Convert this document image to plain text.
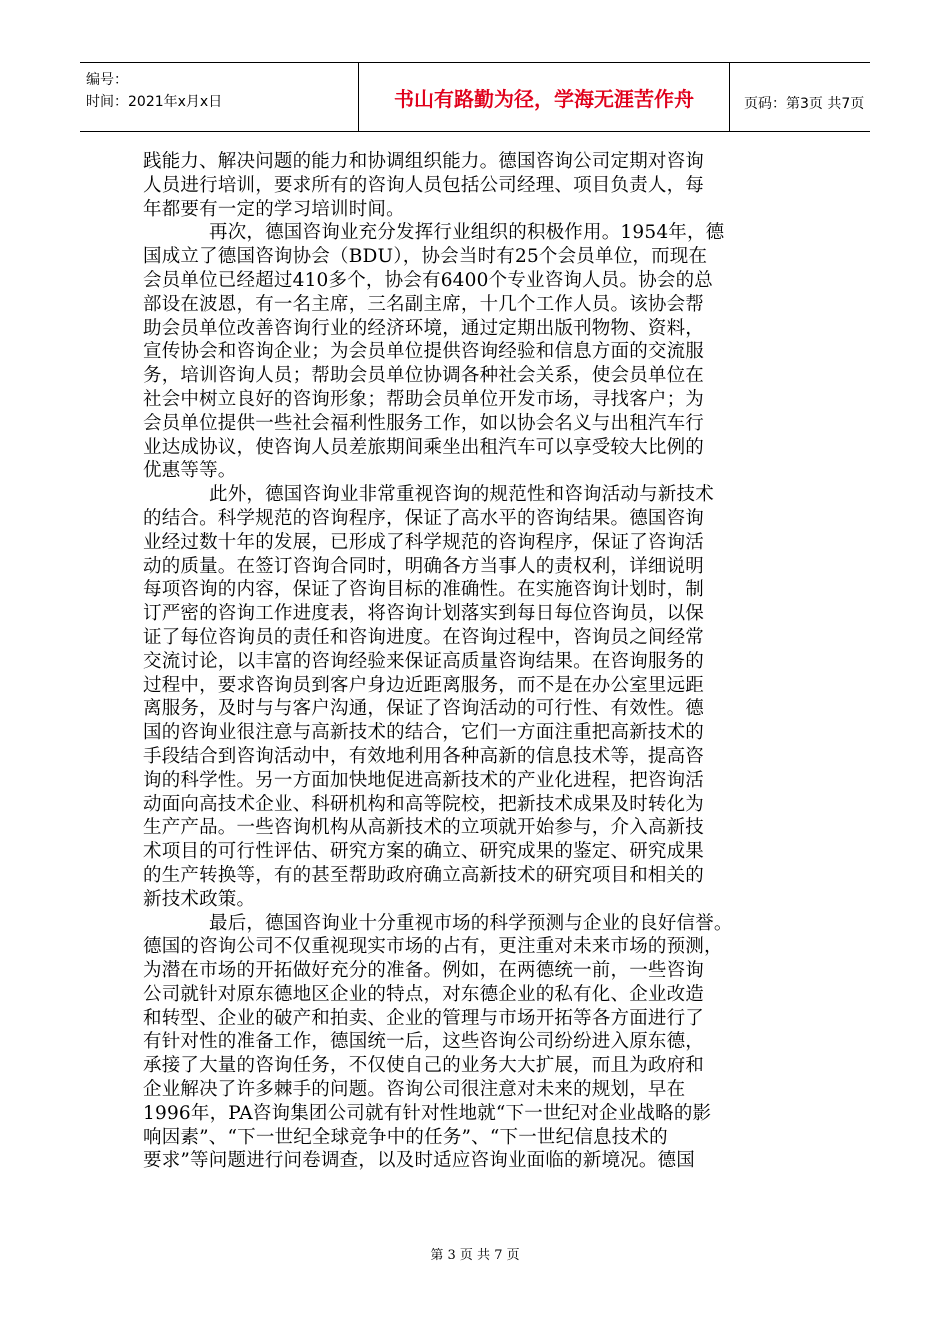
编号：
时间：2021年x月x日	书山有路勤为径，学海无涯苦作舟	页码：第3页 共7页
践能力、解决问题的能力和协调组织能力。德国咨询公司定期对咨询
人员进行培训，要求所有的咨询人员包括公司经理、项目负责人，每
年都要有一定的学习培训时间。
再次，德国咨询业充分发挥行业组织的积极作用。1954年，德
国成立了德国咨询协会（BDU），协会当时有25个会员单位，而现在
会员单位已经超过410多个，协会有6400个专业咨询人员。协会的总
部设在波恩，有一名主席，三名副主席，十几个工作人员。该协会帮
助会员单位改善咨询行业的经济环境，通过定期出版刊物物、资料，
宣传协会和咨询企业；为会员单位提供咨询经验和信息方面的交流服
务，培训咨询人员；帮助会员单位协调各种社会关系，使会员单位在
社会中树立良好的咨询形象；帮助会员单位开发市场，寻找客户；为
会员单位提供一些社会福利性服务工作，如以协会名义与出租汽车行
业达成协议，使咨询人员差旅期间乘坐出租汽车可以享受较大比例的
优惠等等。
此外，德国咨询业非常重视咨询的规范性和咨询活动与新技术
的结合。科学规范的咨询程序，保证了高水平的咨询结果。德国咨询
业经过数十年的发展，已形成了科学规范的咨询程序，保证了咨询活
动的质量。在签订咨询合同时，明确各方当事人的责权利，详细说明
每项咨询的内容，保证了咨询目标的准确性。在实施咨询计划时，制
订严密的咨询工作进度表，将咨询计划落实到每日每位咨询员，以保
证了每位咨询员的责任和咨询进度。在咨询过程中，咨询员之间经常
交流讨论，以丰富的咨询经验来保证高质量咨询结果。在咨询服务的
过程中，要求咨询员到客户身边近距离服务，而不是在办公室里远距
离服务，及时与与客户沟通，保证了咨询活动的可行性、有效性。德
国的咨询业很注意与高新技术的结合，它们一方面注重把高新技术的
手段结合到咨询活动中，有效地利用各种高新的信息技术等，提高咨
询的科学性。另一方面加快地促进高新技术的产业化进程，把咨询活
动面向高技术企业、科研机构和高等院校，把新技术成果及时转化为
生产产品。一些咨询机构从高新技术的立项就开始参与，介入高新技
术项目的可行性评估、研究方案的确立、研究成果的鉴定、研究成果
的生产转换等，有的甚至帮助政府确立高新技术的研究项目和相关的
新技术政策。
最后，德国咨询业十分重视市场的科学预测与企业的良好信誉。
德国的咨询公司不仅重视现实市场的占有，更注重对未来市场的预测，
为潜在市场的开拓做好充分的准备。例如，在两德统一前，一些咨询
公司就针对原东德地区企业的特点，对东德企业的私有化、企业改造
和转型、企业的破产和拍卖、企业的管理与市场开拓等各方面进行了
有针对性的准备工作，德国统一后，这些咨询公司纷纷进入原东德，
承接了大量的咨询任务，不仅使自己的业务大大扩展，而且为政府和
企业解决了许多棘手的问题。咨询公司很注意对未来的规划，早在
1996年，PA咨询集团公司就有针对性地就“下一世纪对企业战略的影
响因素”、“下一世纪全球竞争中的任务”、“下一世纪信息技术的
要求”等问题进行问卷调查，以及时适应咨询业面临的新境况。德国
第 3 页 共 7 页
